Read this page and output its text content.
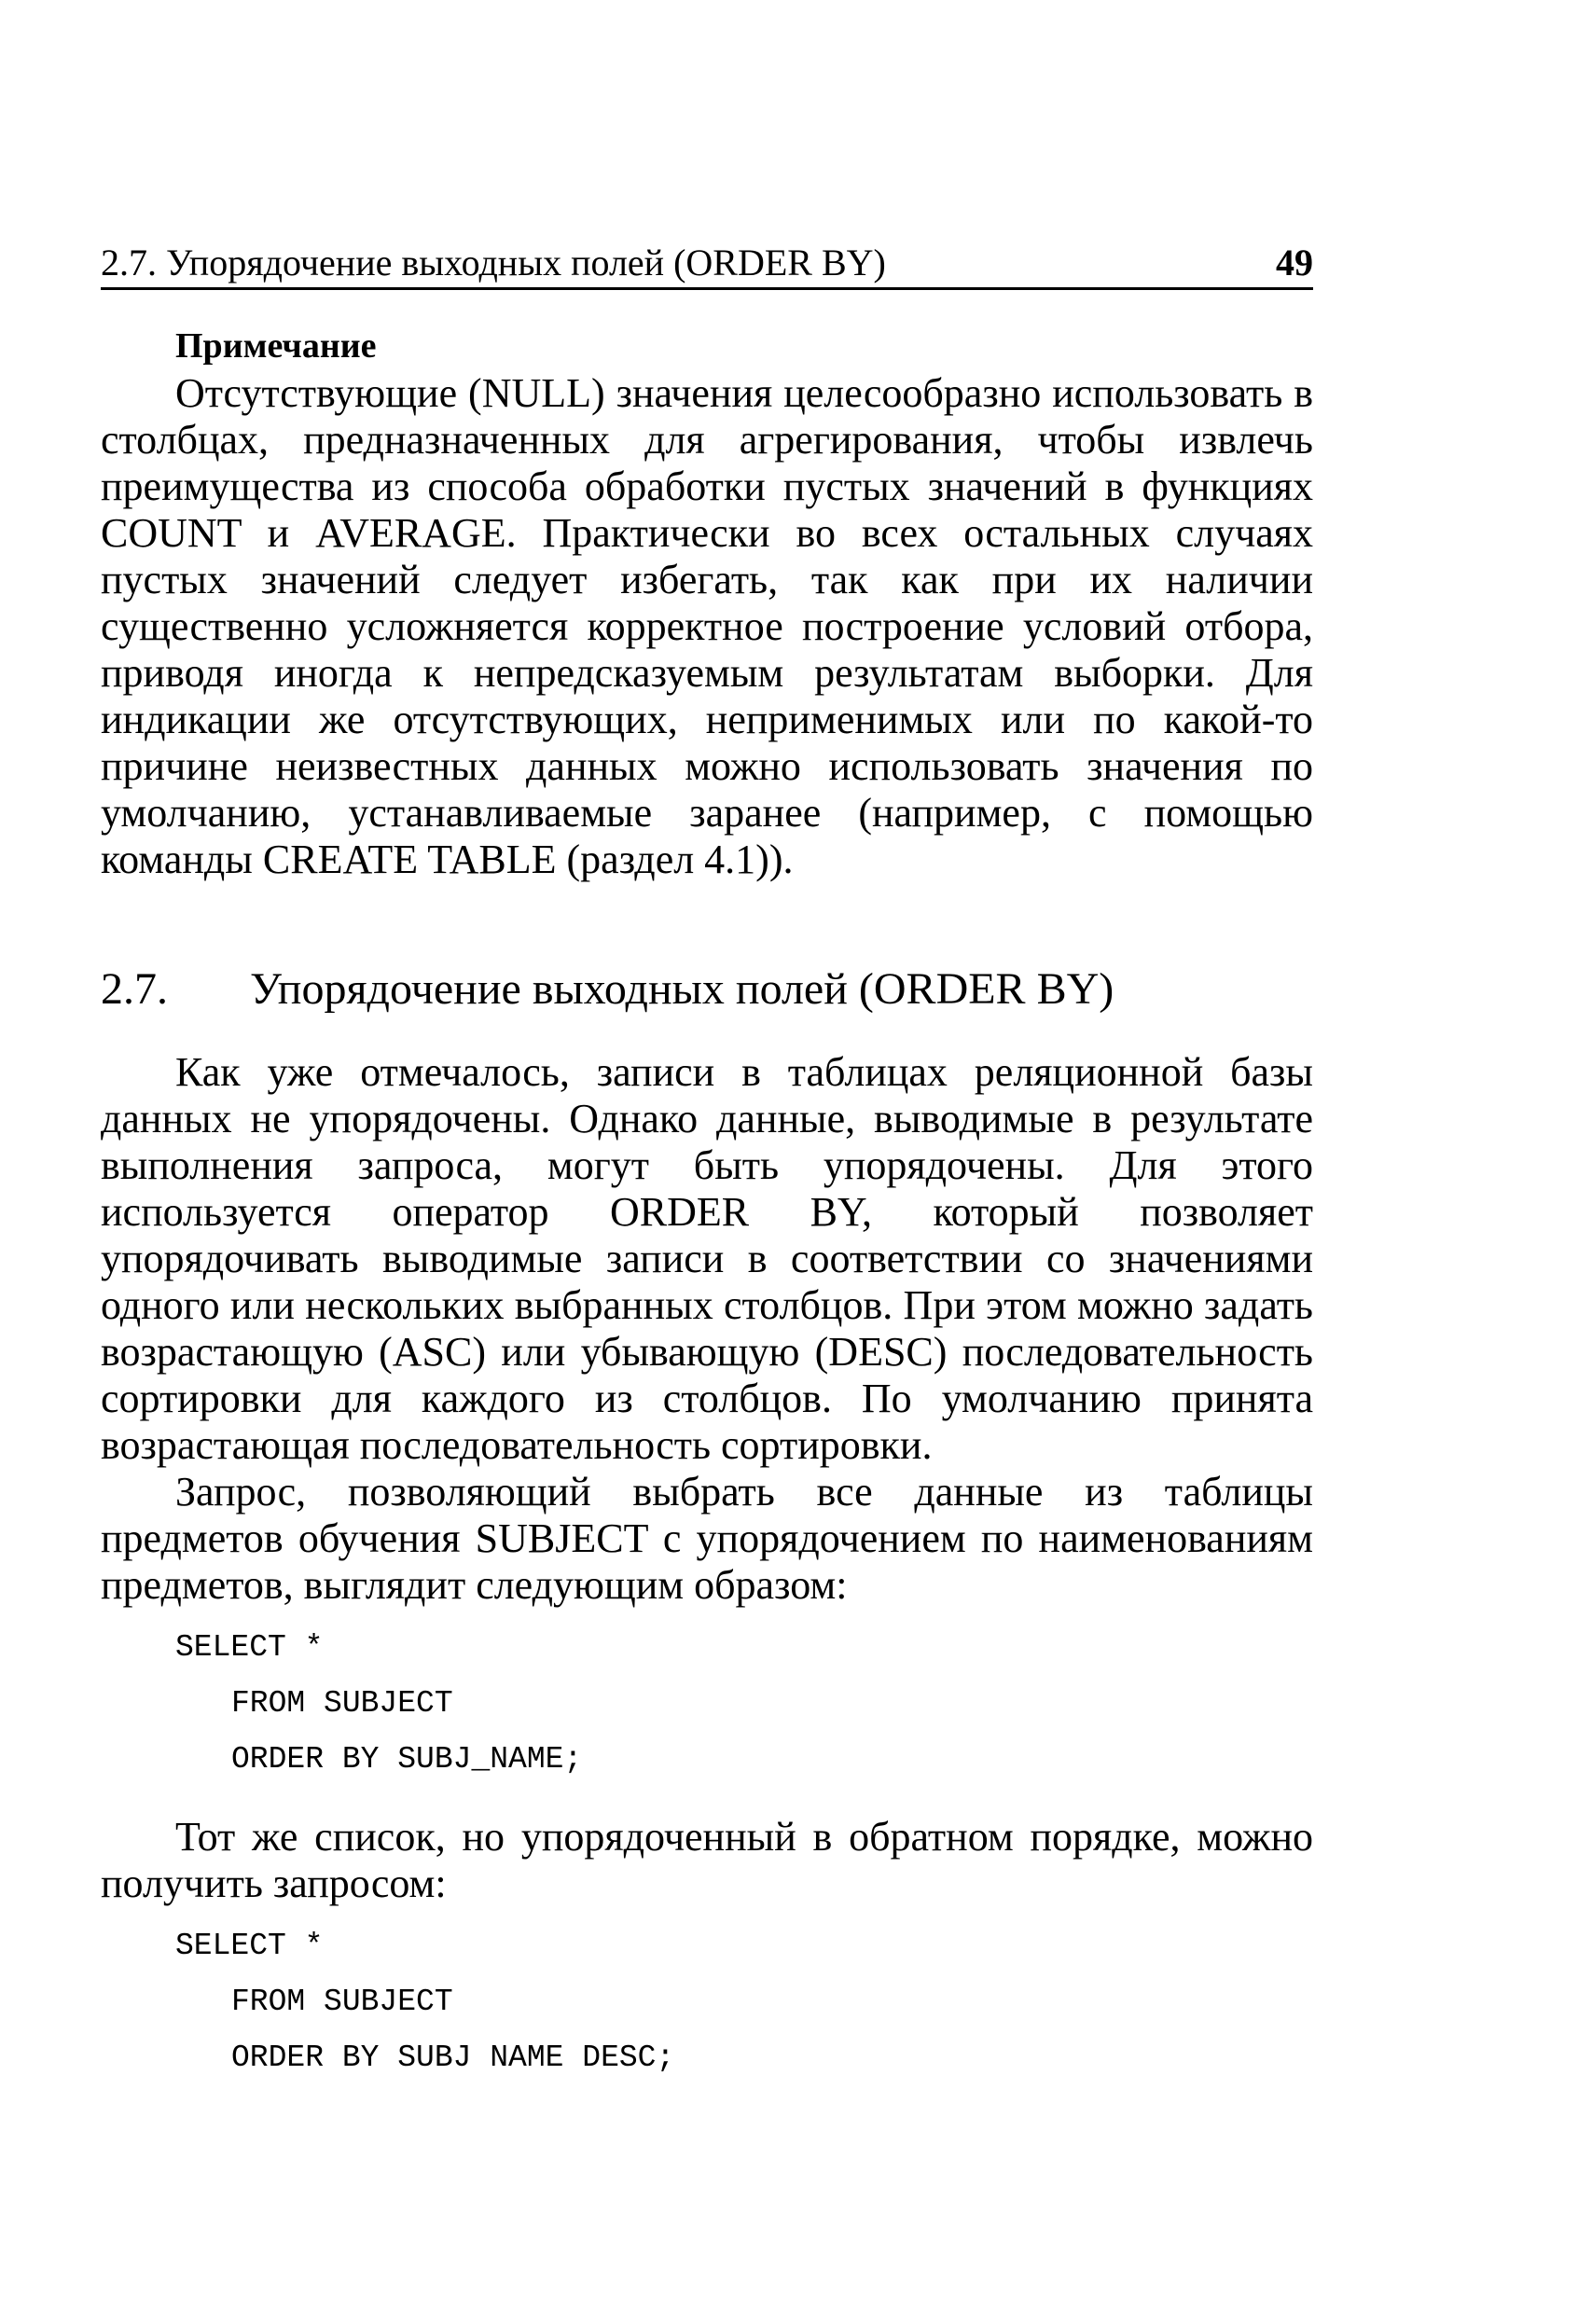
2.7. Упорядочение выходных полей (ORDER BY)	49
Примечание

Отсутствующие (NULL) значения целесообразно использовать в столбцах, предназначенных для агрегирования, чтобы извлечь преимущества из способа обработки пустых значений в функциях COUNT и AVERAGE. Практически во всех остальных случаях пустых значений следует избегать, так как при их наличии существенно усложняется корректное построение условий отбора, приводя иногда к непредсказуемым результатам выборки. Для индикации же отсутствующих, неприменимых или по какой-то причине неизвестных данных можно использовать значения по умолчанию, устанавливаемые заранее (например, с помощью команды CREATE TABLE (раздел 4.1)).

2.7. Упорядочение выходных полей (ORDER BY)

Как уже отмечалось, записи в таблицах реляционной базы данных не упорядочены. Однако данные, выводимые в результате выполнения запроса, могут быть упорядочены. Для этого используется оператор ORDER BY, который позволяет упорядочивать выводимые записи в соответствии со значениями одного или нескольких выбранных столбцов. При этом можно задать возрастающую (ASC) или убывающую (DESC) последовательность сортировки для каждого из столбцов. По умолчанию принята возрастающая последовательность сортировки.

Запрос, позволяющий выбрать все данные из таблицы предметов обучения SUBJECT с упорядочением по наименованиям предметов, выглядит следующим образом:

SELECT *
FROM SUBJECT
ORDER BY SUBJ_NAME;

Тот же список, но упорядоченный в обратном порядке, можно получить запросом:

SELECT *
FROM SUBJECT
ORDER BY SUBJ NAME DESC;
